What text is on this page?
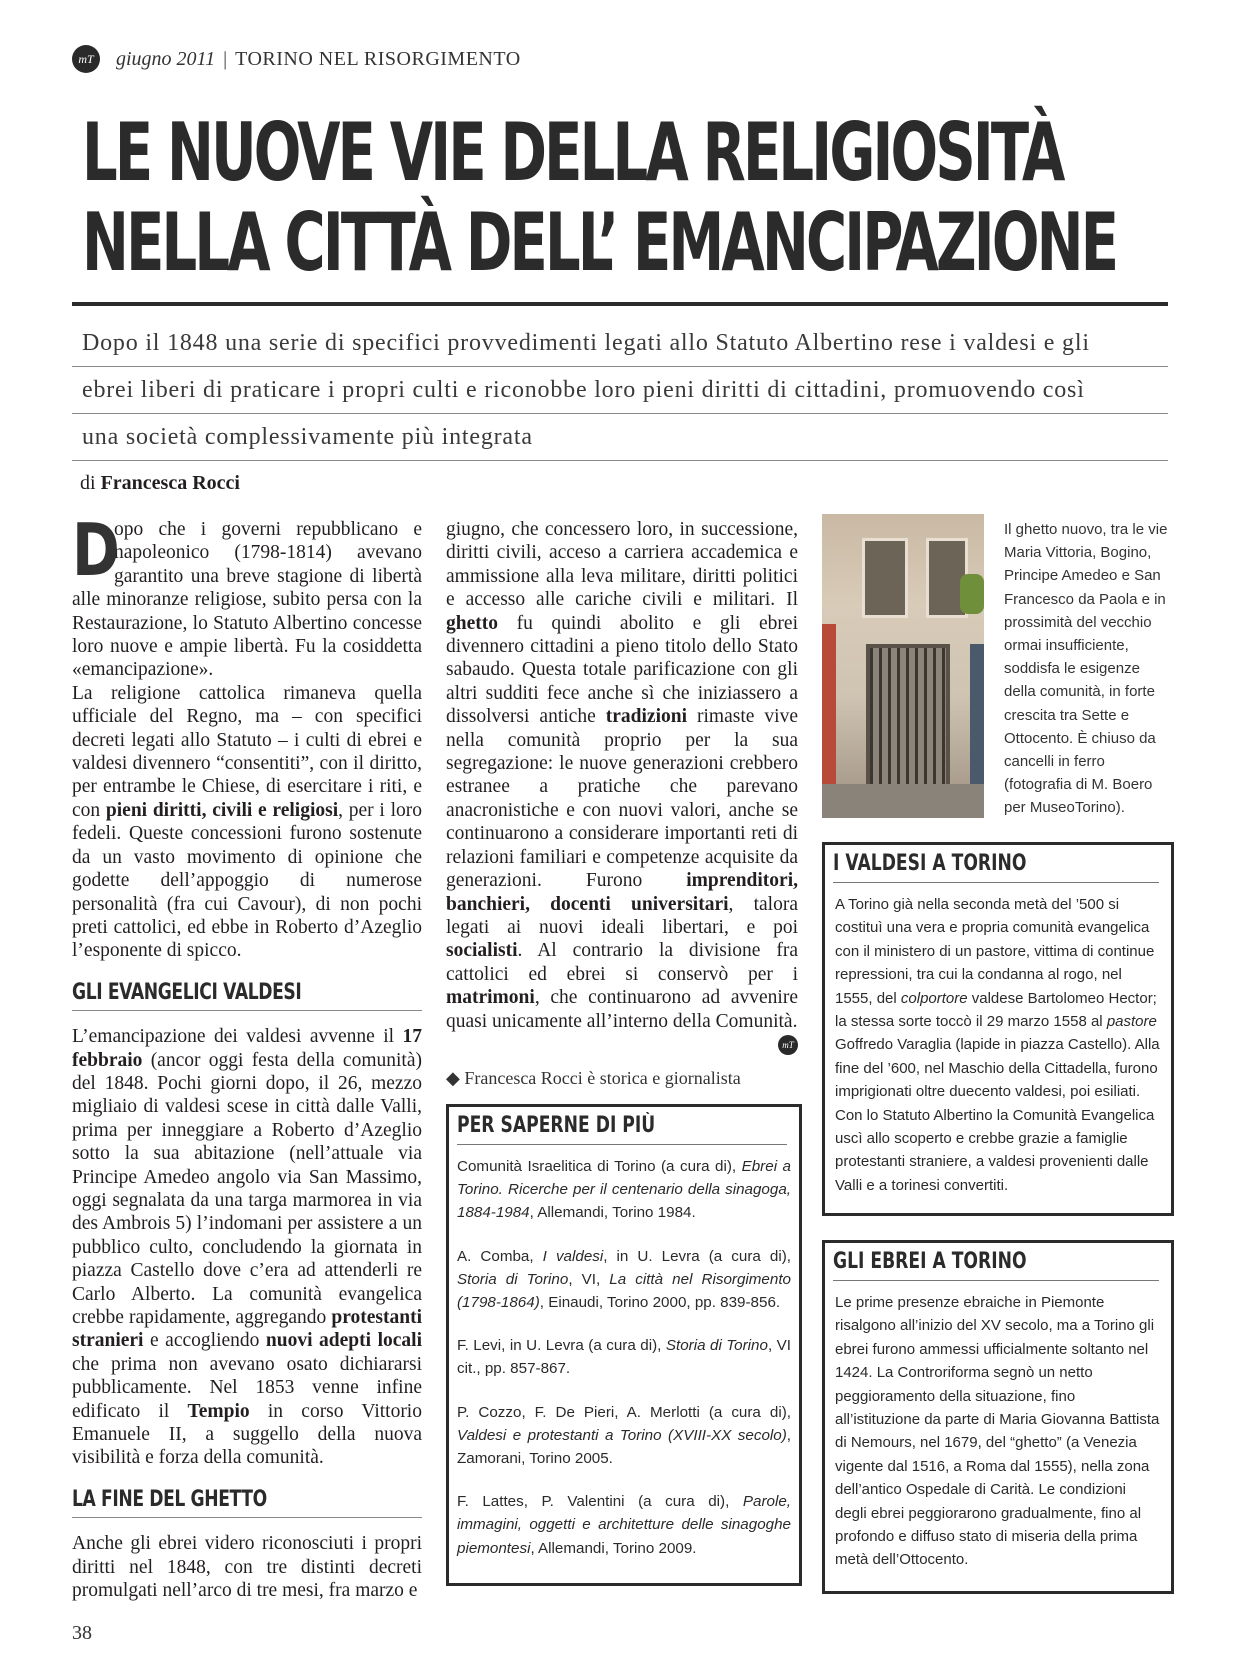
mT	giugno 2011 | TORINO NEL RISORGIMENTO
LE NUOVE VIE DELLA RELIGIOSITÀ
NELLA CITTÀ DELL’ EMANCIPAZIONE
Dopo il 1848 una serie di specifici provvedimenti legati allo Statuto Albertino rese i valdesi e gli
ebrei liberi di praticare i propri culti e riconobbe loro pieni diritti di cittadini, promuovendo così
una società complessivamente più integrata
di Francesca Rocci

D
opo che i governi repubblicano e napoleonico (1798-1814) avevano garantito una breve stagione di libertà alle minoranze religiose, subito persa con la Restaurazione, lo Statuto Albertino concesse loro nuove e ampie libertà. Fu la cosiddetta «emancipazione».

La religione cattolica rimaneva quella ufficiale del Regno, ma – con specifici decreti legati allo Statuto – i culti di ebrei e valdesi divennero “consentiti”, con il diritto, per entrambe le Chiese, di esercitare i riti, e con pieni diritti, civili e religiosi, per i loro fedeli. Queste concessioni furono sostenute da un vasto movimento di opinione che godette dell’appoggio di numerose personalità (fra cui Cavour), di non pochi preti cattolici, ed ebbe in Roberto d’Azeglio l’esponente di spicco.

GLI EVANGELICI VALDESI

L’emancipazione dei valdesi avvenne il 17 febbraio (ancor oggi festa della comunità) del 1848. Pochi giorni dopo, il 26, mezzo migliaio di valdesi scese in città dalle Valli, prima per inneggiare a Roberto d’Azeglio sotto la sua abitazione (nell’attuale via Principe Amedeo angolo via San Massimo, oggi segnalata da una targa marmorea in via des Ambrois 5) l’indomani per assistere a un pubblico culto, concludendo la giornata in piazza Castello dove c’era ad attenderli re Carlo Alberto. La comunità evangelica crebbe rapidamente, aggregando protestanti stranieri e accogliendo nuovi adepti locali che prima non avevano osato dichiararsi pubblicamente. Nel 1853 venne infine edificato il Tempio in corso Vittorio Emanuele II, a suggello della nuova visibilità e forza della comunità.

LA FINE DEL GHETTO

Anche gli ebrei videro riconosciuti i propri diritti nel 1848, con tre distinti decreti promulgati nell’arco di tre mesi, fra marzo e

giugno, che concessero loro, in successione, diritti civili, acceso a carriera accademica e ammissione alla leva militare, diritti politici e accesso alle cariche civili e militari. Il ghetto fu quindi abolito e gli ebrei divennero cittadini a pieno titolo dello Stato sabaudo. Questa totale parificazione con gli altri sudditi fece anche sì che iniziassero a dissolversi antiche tradizioni rimaste vive nella comunità proprio per la sua segregazione: le nuove generazioni crebbero estranee a pratiche che parevano anacronistiche e con nuovi valori, anche se continuarono a considerare importanti reti di relazioni familiari e competenze acquisite da generazioni. Furono imprenditori, banchieri, docenti universitari, talora legati ai nuovi ideali libertari, e poi socialisti. Al contrario la divisione fra cattolici ed ebrei si conservò per i matrimoni, che continuarono ad avvenire quasi unicamente all’interno della Comunità.

mT
◆ Francesca Rocci è storica e giornalista
Il ghetto nuovo, tra le vie Maria Vittoria, Bogino, Principe Amedeo e San Francesco da Paola e in prossimità del vecchio ormai insufficiente, soddisfa le esigenze della comunità, in forte crescita tra Sette e Ottocento. È chiuso da cancelli in ferro (fotografia di M. Boero per MuseoTorino).
I VALDESI A TORINO
A Torino già nella seconda metà del ’500 si costituì una vera e propria comunità evangelica con il ministero di un pastore, vittima di continue repressioni, tra cui la condanna al rogo, nel 1555, del colportore valdese Bartolomeo Hector; la stessa sorte toccò il 29 marzo 1558 al pastore Goffredo Varaglia (lapide in piazza Castello). Alla fine del ’600, nel Maschio della Cittadella, furono imprigionati oltre duecento valdesi, poi esiliati. Con lo Statuto Albertino la Comunità Evangelica uscì allo scoperto e crebbe grazie a famiglie protestanti straniere, a valdesi provenienti dalle Valli e a torinesi convertiti.
GLI EBREI A TORINO
Le prime presenze ebraiche in Piemonte risalgono all’inizio del XV secolo, ma a Torino gli ebrei furono ammessi ufficialmente soltanto nel 1424. La Controriforma segnò un netto peggioramento della situazione, fino all’istituzione da parte di Maria Giovanna Battista di Nemours, nel 1679, del “ghetto” (a Venezia vigente dal 1516, a Roma dal 1555), nella zona dell’antico Ospedale di Carità. Le condizioni degli ebrei peggiorarono gradualmente, fino al profondo e diffuso stato di miseria della prima metà dell’Ottocento.
PER SAPERNE DI PIÙ

Comunità Israelitica di Torino (a cura di), Ebrei a Torino. Ricerche per il centenario della sinagoga, 1884-1984, Allemandi, Torino 1984.

A. Comba, I valdesi, in U. Levra (a cura di), Storia di Torino, VI, La città nel Risorgimento (1798-1864), Einaudi, Torino 2000, pp. 839-856.

F. Levi, in U. Levra (a cura di), Storia di Torino, VI cit., pp. 857-867.

P. Cozzo, F. De Pieri, A. Merlotti (a cura di), Valdesi e protestanti a Torino (XVIII-XX secolo), Zamorani, Torino 2005.

F. Lattes, P. Valentini (a cura di), Parole, immagini, oggetti e architetture delle sinagoghe piemontesi, Allemandi, Torino 2009.

38
